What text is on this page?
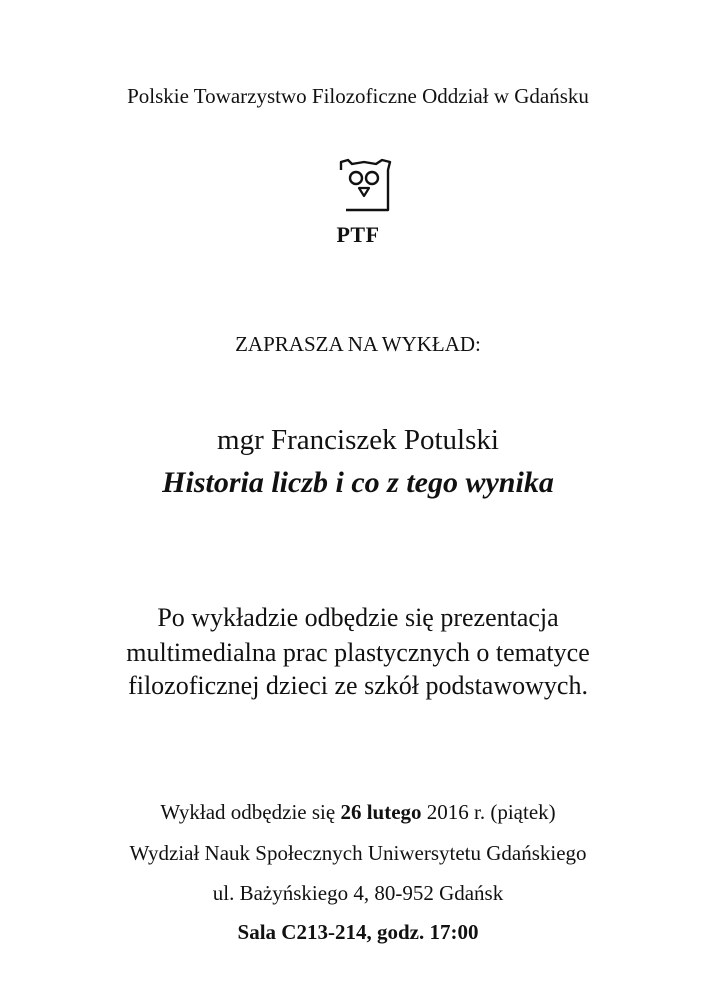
Polskie Towarzystwo Filozoficzne Oddział w Gdańsku
PTF
ZAPRASZA NA WYKŁAD:
mgr Franciszek Potulski
Historia liczb i co z tego wynika
Po wykładzie odbędzie się prezentacja
multimedialna prac plastycznych o tematyce
filozoficznej dzieci ze szkół podstawowych.
Wykład odbędzie się 26 lutego 2016 r. (piątek)
Wydział Nauk Społecznych Uniwersytetu Gdańskiego
ul. Bażyńskiego 4, 80-952 Gdańsk
Sala C213-214, godz. 17:00
